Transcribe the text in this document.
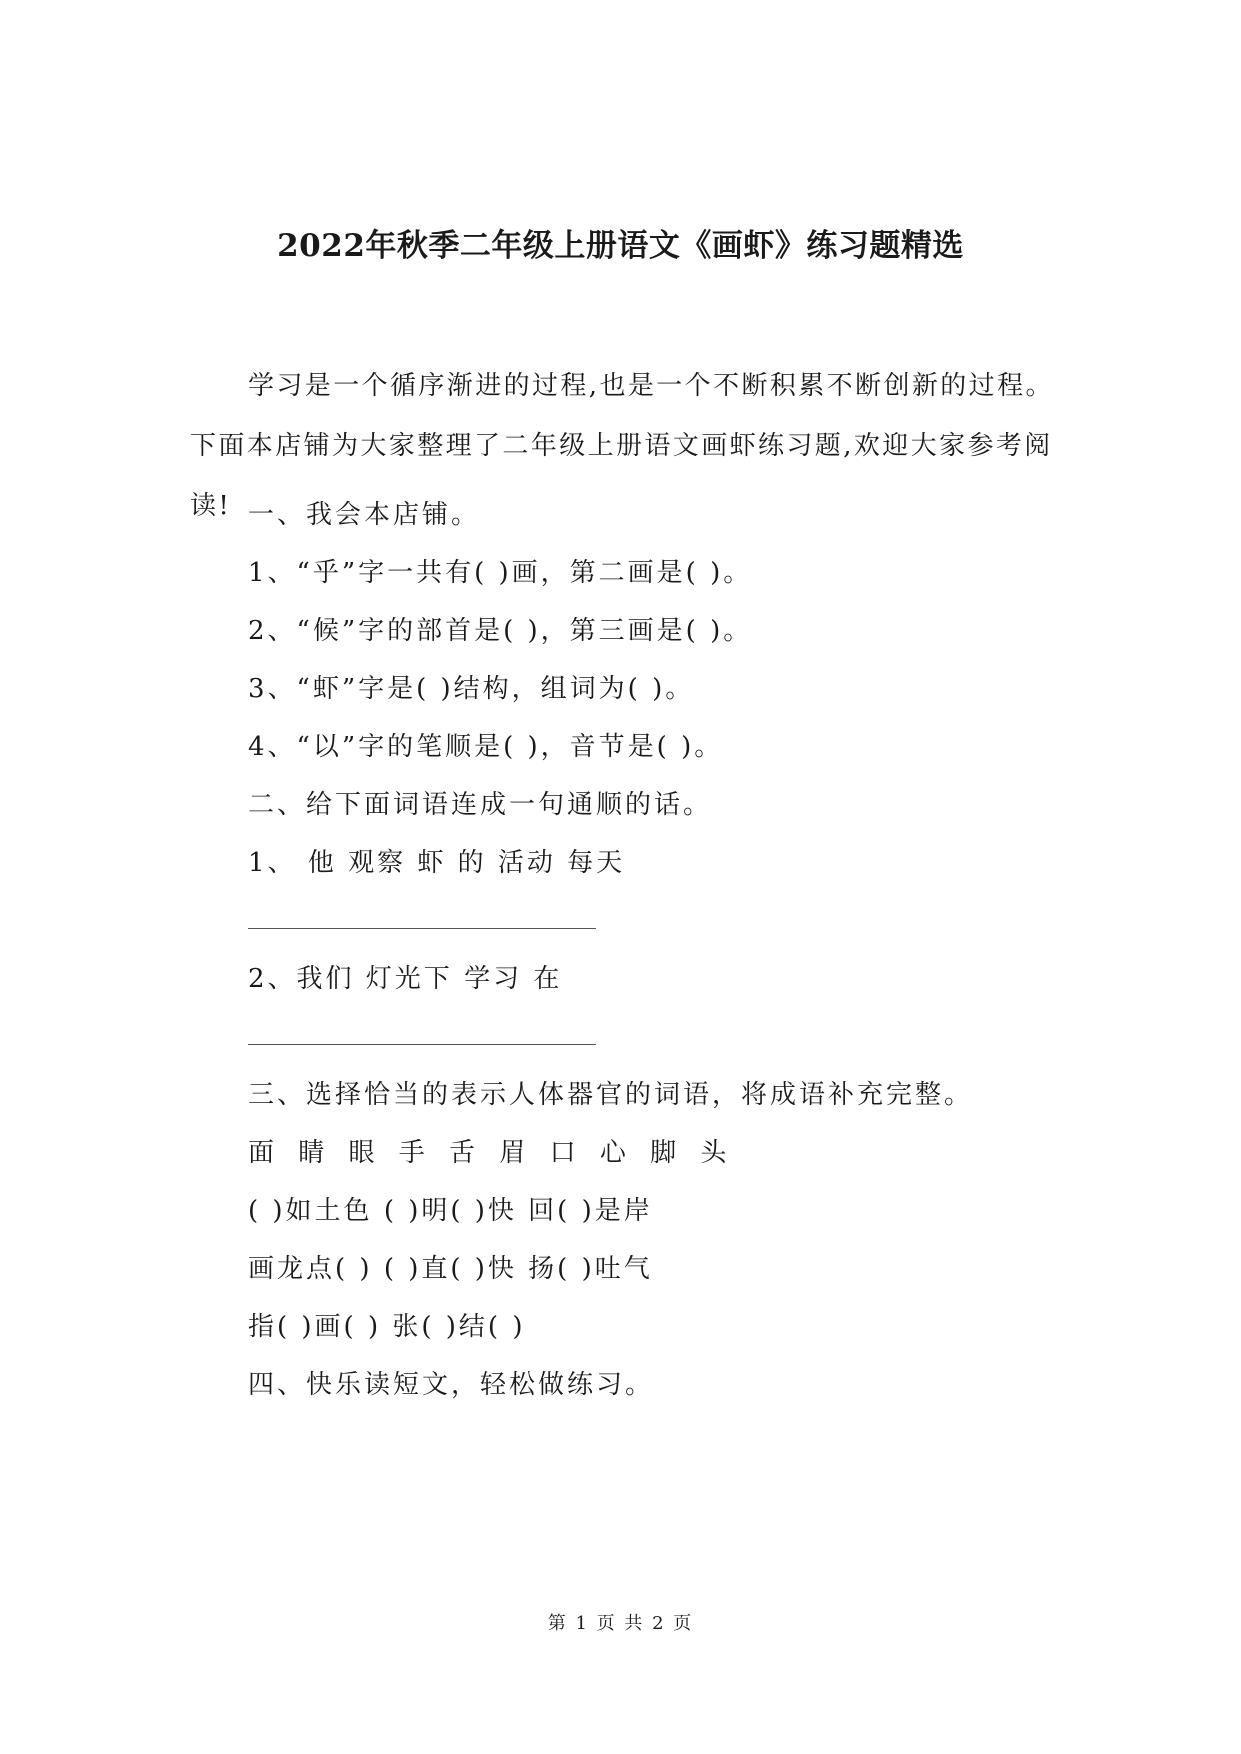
2022年秋季二年级上册语文《画虾》练习题精选

学习是一个循序渐进的过程,也是一个不断积累不断创新的过程。下面本店铺为大家整理了二年级上册语文画虾练习题,欢迎大家参考阅读! 一、我会本店铺。
1、“乎”字一共有( )画，第二画是( )。
2、“候”字的部首是( )，第三画是( )。
3、“虾”字是( )结构，组词为( )。
4、“以”字的笔顺是( )，音节是( )。
二、给下面词语连成一句通顺的话。
1、 他 观察 虾 的 活动 每天
2、我们 灯光下 学习 在
三、选择恰当的表示人体器官的词语，将成语补充完整。
面 睛 眼 手 舌 眉 口 心 脚 头
( )如土色 ( )明( )快 回( )是岸
画龙点( ) ( )直( )快 扬( )吐气
指( )画( ) 张( )结( )
四、快乐读短文，轻松做练习。
第 1 页 共 2 页
